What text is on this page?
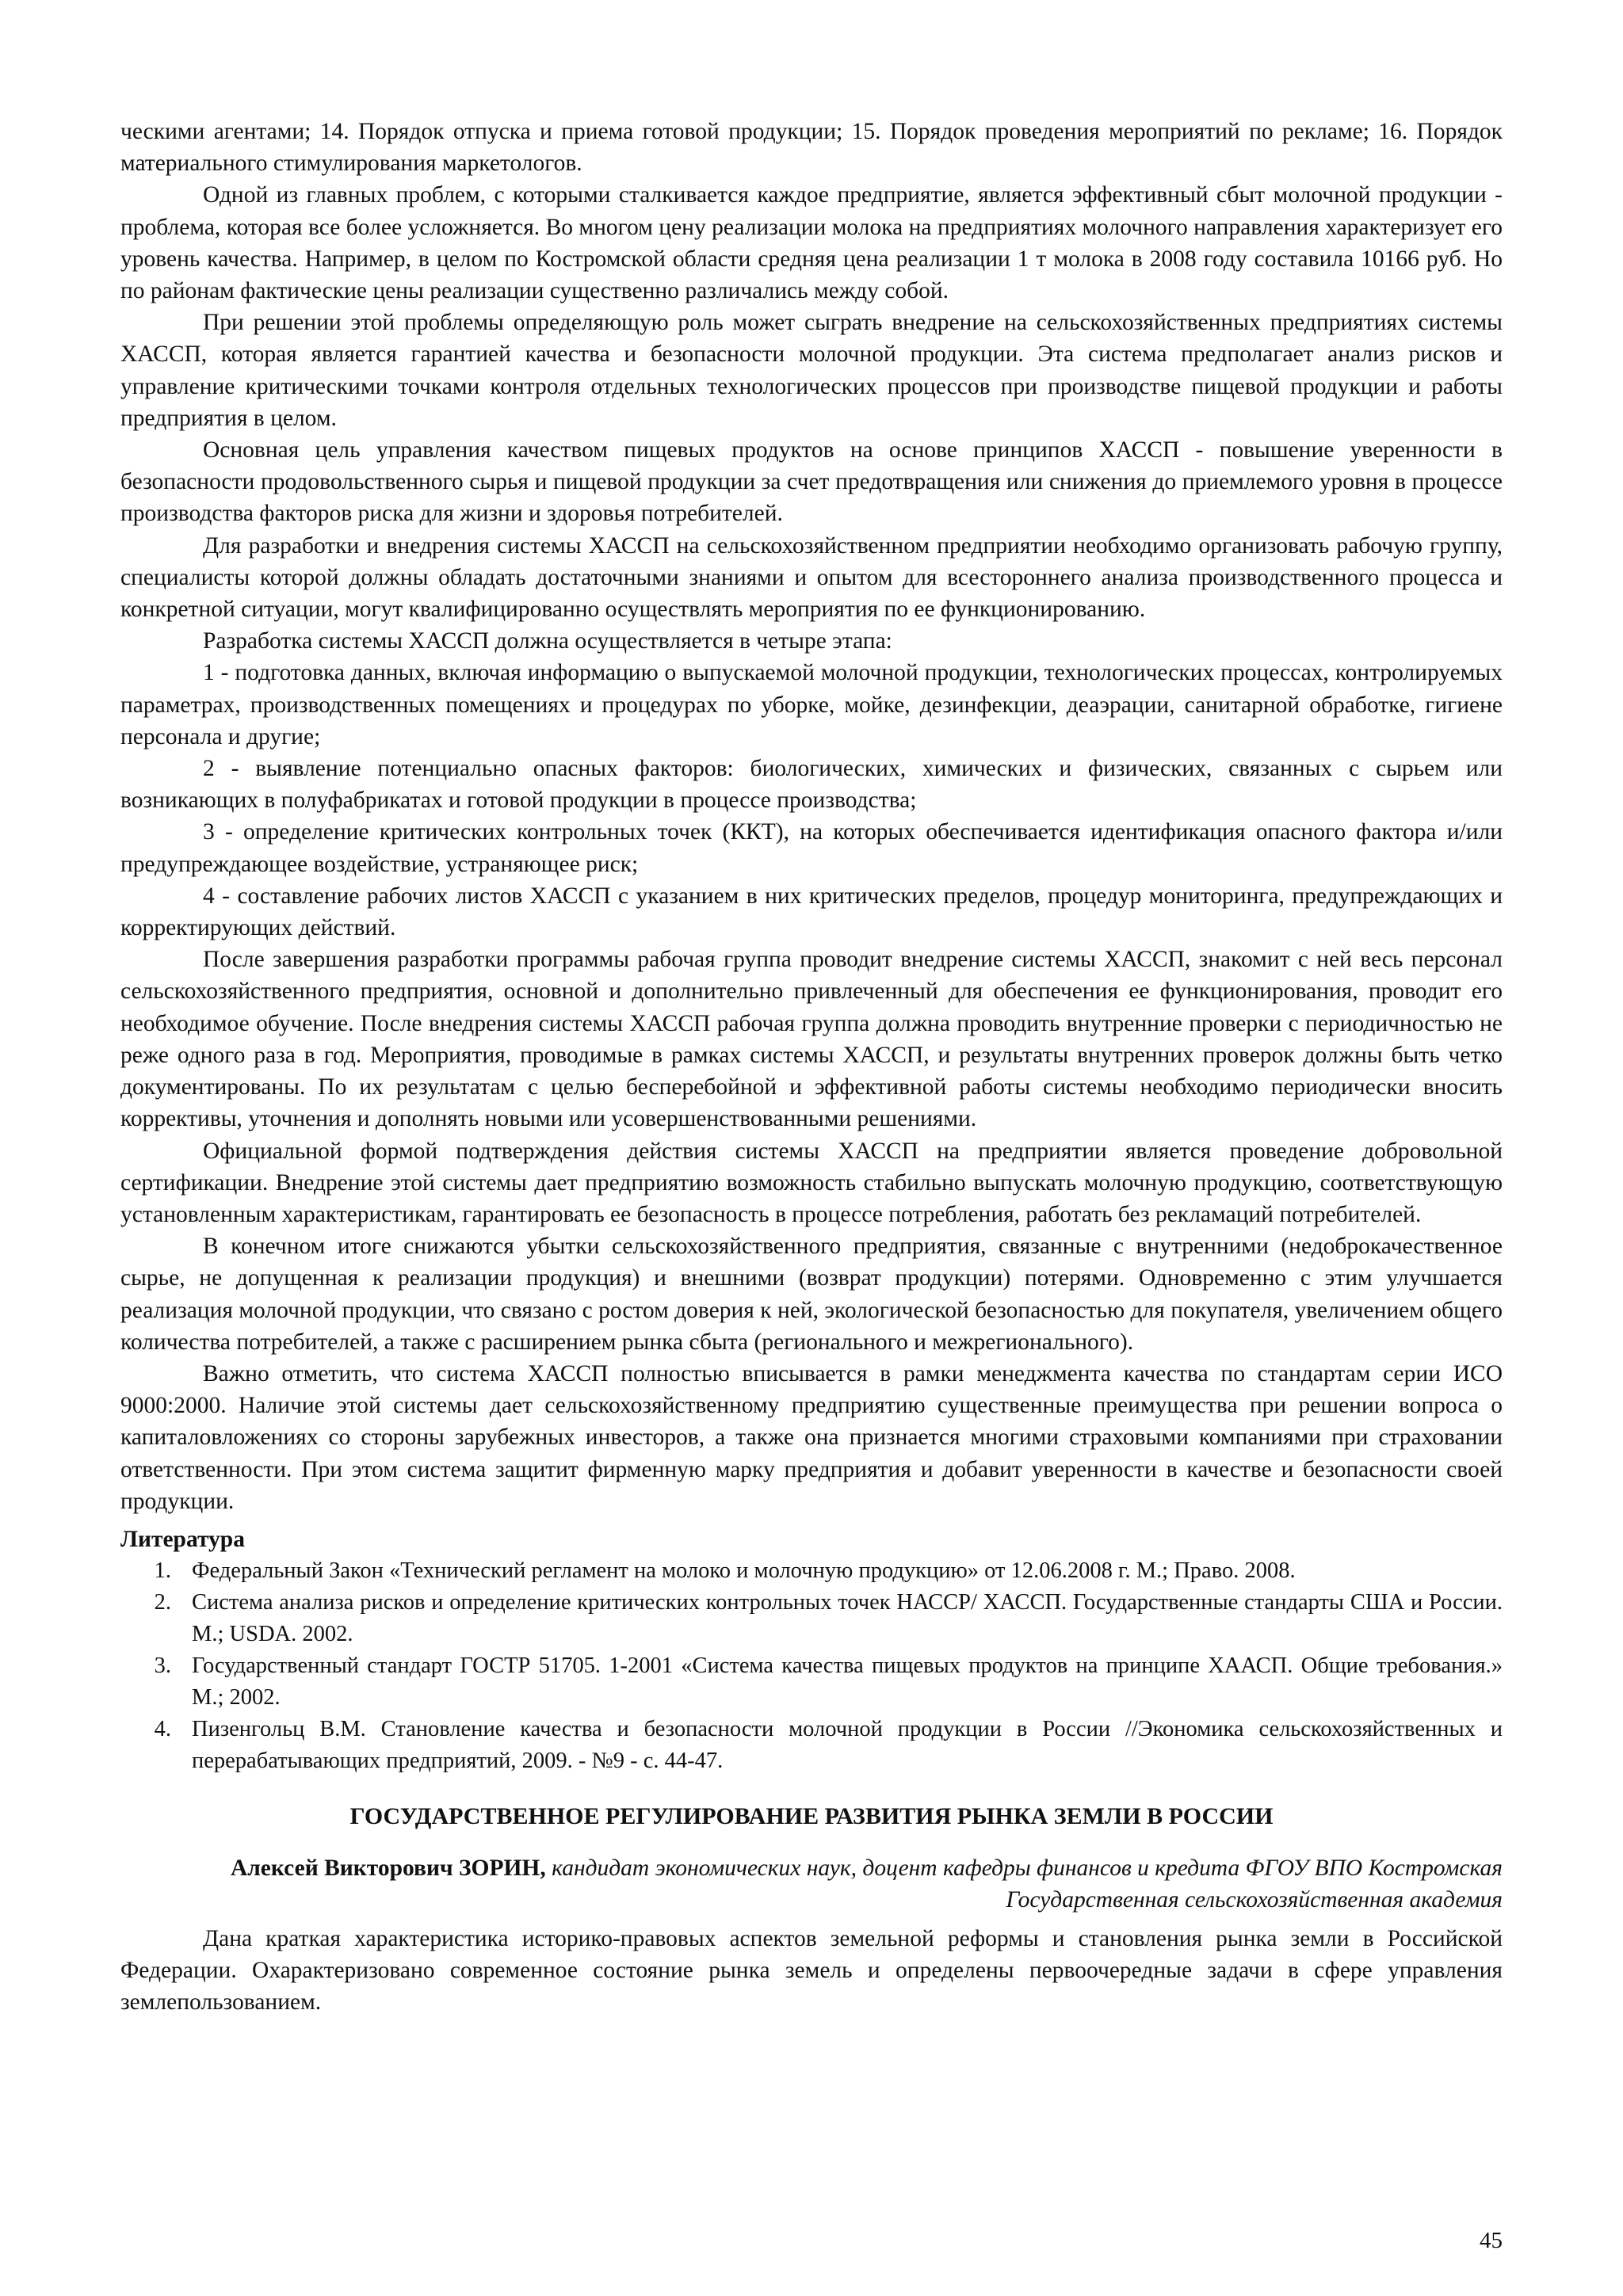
ческими агентами; 14. Порядок отпуска и приема готовой продукции; 15. Порядок проведения мероприятий по рекламе; 16. Порядок материального стимулирования маркетологов.

Одной из главных проблем, с которыми сталкивается каждое предприятие, является эффективный сбыт молочной продукции - проблема, которая все более усложняется. Во многом цену реализации молока на предприятиях молочного направления характеризует его уровень качества. Например, в целом по Костромской области средняя цена реализации 1 т молока в 2008 году составила 10166 руб. Но по районам фактические цены реализации существенно различались между собой.

При решении этой проблемы определяющую роль может сыграть внедрение на сельскохозяйственных предприятиях системы ХАССП, которая является гарантией качества и безопасности молочной продукции. Эта система предполагает анализ рисков и управление критическими точками контроля отдельных технологических процессов при производстве пищевой продукции и работы предприятия в целом.

Основная цель управления качеством пищевых продуктов на основе принципов ХАССП - повышение уверенности в безопасности продовольственного сырья и пищевой продукции за счет предотвращения или снижения до приемлемого уровня в процессе производства факторов риска для жизни и здоровья потребителей.

Для разработки и внедрения системы ХАССП на сельскохозяйственном предприятии необходимо организовать рабочую группу, специалисты которой должны обладать достаточными знаниями и опытом для всестороннего анализа производственного процесса и конкретной ситуации, могут квалифицированно осуществлять мероприятия по ее функционированию.

Разработка системы ХАССП должна осуществляется в четыре этапа:

1 - подготовка данных, включая информацию о выпускаемой молочной продукции, технологических процессах, контролируемых параметрах, производственных помещениях и процедурах по уборке, мойке, дезинфекции, деаэрации, санитарной обработке, гигиене персонала и другие;

2 - выявление потенциально опасных факторов: биологических, химических и физических, связанных с сырьем или возникающих в полуфабрикатах и готовой продукции в процессе производства;

3 - определение критических контрольных точек (ККТ), на которых обеспечивается идентификация опасного фактора и/или предупреждающее воздействие, устраняющее риск;

4 - составление рабочих листов ХАССП с указанием в них критических пределов, процедур мониторинга, предупреждающих и корректирующих действий.

После завершения разработки программы рабочая группа проводит внедрение системы ХАССП, знакомит с ней весь персонал сельскохозяйственного предприятия, основной и дополнительно привлеченный для обеспечения ее функционирования, проводит его необходимое обучение. После внедрения системы ХАССП рабочая группа должна проводить внутренние проверки с периодичностью не реже одного раза в год. Мероприятия, проводимые в рамках системы ХАССП, и результаты внутренних проверок должны быть четко документированы. По их результатам с целью бесперебойной и эффективной работы системы необходимо периодически вносить коррективы, уточнения и дополнять новыми или усовершенствованными решениями.

Официальной формой подтверждения действия системы ХАССП на предприятии является проведение добровольной сертификации. Внедрение этой системы дает предприятию возможность стабильно выпускать молочную продукцию, соответствующую установленным характеристикам, гарантировать ее безопасность в процессе потребления, работать без рекламаций потребителей.

В конечном итоге снижаются убытки сельскохозяйственного предприятия, связанные с внутренними (недоброкачественное сырье, не допущенная к реализации продукция) и внешними (возврат продукции) потерями. Одновременно с этим улучшается реализация молочной продукции, что связано с ростом доверия к ней, экологической безопасностью для покупателя, увеличением общего количества потребителей, а также с расширением рынка сбыта (регионального и межрегионального).

Важно отметить, что система ХАССП полностью вписывается в рамки менеджмента качества по стандартам серии ИСО 9000:2000. Наличие этой системы дает сельскохозяйственному предприятию существенные преимущества при решении вопроса о капиталовложениях со стороны зарубежных инвесторов, а также она признается многими страховыми компаниями при страховании ответственности. При этом система защитит фирменную марку предприятия и добавит уверенности в качестве и безопасности своей продукции.

Литература

1. Федеральный Закон «Технический регламент на молоко и молочную продукцию» от 12.06.2008 г. М.; Право. 2008.
2. Система анализа рисков и определение критических контрольных точек НАССР/ ХАССП. Государственные стандарты США и России. М.; USDA. 2002.
3. Государственный стандарт ГОСТР 51705. 1-2001 «Система качества пищевых продуктов на принципе ХААСП. Общие требования.» М.; 2002.
4. Пизенгольц В.М. Становление качества и безопасности молочной продукции в России //Экономика сельскохозяйственных и перерабатывающих предприятий, 2009. - №9 - с. 44-47.
ГОСУДАРСТВЕННОЕ РЕГУЛИРОВАНИЕ РАЗВИТИЯ РЫНКА ЗЕМЛИ В РОССИИ

Алексей Викторович ЗОРИН, кандидат экономических наук, доцент кафедры финансов и кредита ФГОУ ВПО Костромская Государственная сельскохозяйственная академия

Дана краткая характеристика историко-правовых аспектов земельной реформы и становления рынка земли в Российской Федерации. Охарактеризовано современное состояние рынка земель и определены первоочередные задачи в сфере управления землепользованием.

45
